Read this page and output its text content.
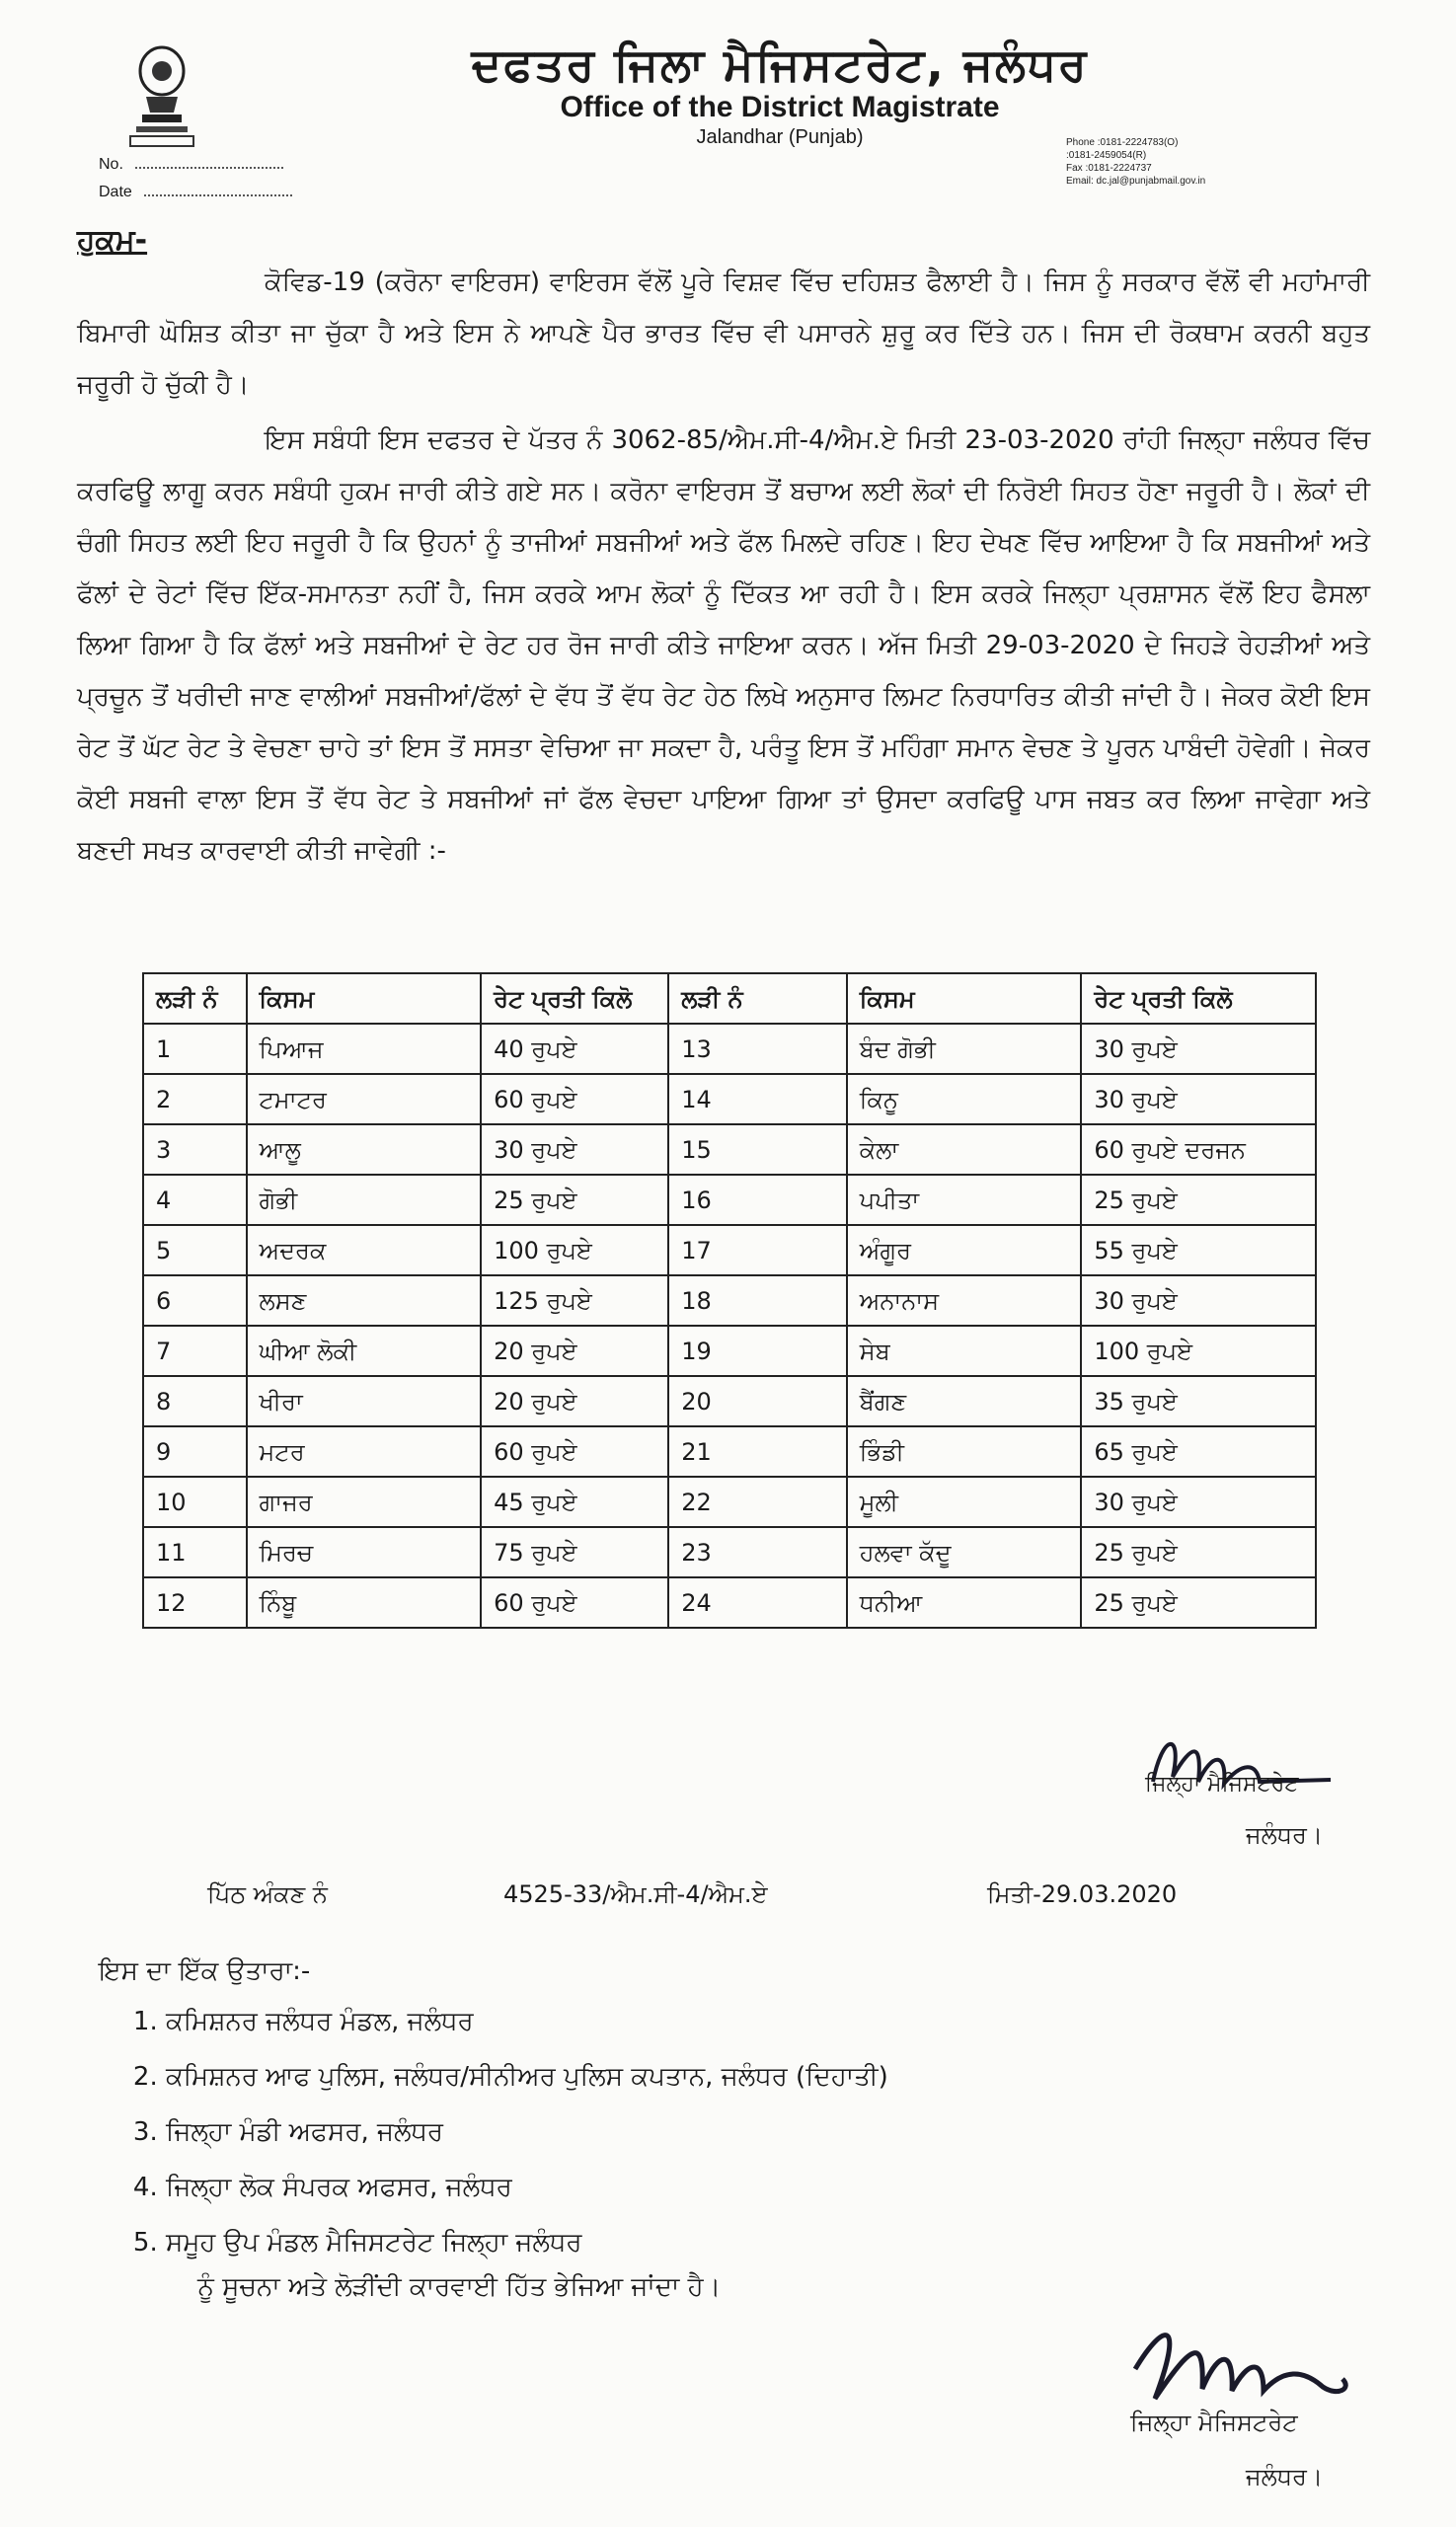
ਦਫਤਰ ਜਿਲਾ ਮੈਜਿਸਟਰੇਟ, ਜਲੰਧਰ
Office of the District Magistrate
Jalandhar (Punjab)	Phone :0181-2224783(O)
:0181-2459054(R)
Fax :0181-2224737
Email: dc.jal@punjabmail.gov.in
No.
Date
ਹੁਕਮ-
ਕੋਵਿਡ-19 (ਕਰੋਨਾ ਵਾਇਰਸ) ਵਾਇਰਸ ਵੱਲੋਂ ਪੂਰੇ ਵਿਸ਼ਵ ਵਿੱਚ ਦਹਿਸ਼ਤ ਫੈਲਾਈ ਹੈ। ਜਿਸ ਨੂੰ ਸਰਕਾਰ ਵੱਲੋਂ ਵੀ ਮਹਾਂਮਾਰੀ ਬਿਮਾਰੀ ਘੋਸ਼ਿਤ ਕੀਤਾ ਜਾ ਚੁੱਕਾ ਹੈ ਅਤੇ ਇਸ ਨੇ ਆਪਣੇ ਪੈਰ ਭਾਰਤ ਵਿੱਚ ਵੀ ਪਸਾਰਨੇ ਸ਼ੁਰੂ ਕਰ ਦਿੱਤੇ ਹਨ। ਜਿਸ ਦੀ ਰੋਕਥਾਮ ਕਰਨੀ ਬਹੁਤ ਜਰੂਰੀ ਹੋ ਚੁੱਕੀ ਹੈ।
ਇਸ ਸਬੰਧੀ ਇਸ ਦਫਤਰ ਦੇ ਪੱਤਰ ਨੰ 3062-85/ਐਮ.ਸੀ-4/ਐਮ.ਏ ਮਿਤੀ 23-03-2020 ਰਾਂਹੀ ਜਿਲ੍ਹਾ ਜਲੰਧਰ ਵਿੱਚ ਕਰਫਿਊ ਲਾਗੂ ਕਰਨ ਸਬੰਧੀ ਹੁਕਮ ਜਾਰੀ ਕੀਤੇ ਗਏ ਸਨ। ਕਰੋਨਾ ਵਾਇਰਸ ਤੋਂ ਬਚਾਅ ਲਈ ਲੋਕਾਂ ਦੀ ਨਿਰੋਈ ਸਿਹਤ ਹੋਣਾ ਜਰੂਰੀ ਹੈ। ਲੋਕਾਂ ਦੀ ਚੰਗੀ ਸਿਹਤ ਲਈ ਇਹ ਜਰੂਰੀ ਹੈ ਕਿ ਉਹਨਾਂ ਨੂੰ ਤਾਜੀਆਂ ਸਬਜੀਆਂ ਅਤੇ ਫੱਲ ਮਿਲਦੇ ਰਹਿਣ। ਇਹ ਦੇਖਣ ਵਿੱਚ ਆਇਆ ਹੈ ਕਿ ਸਬਜੀਆਂ ਅਤੇ ਫੱਲਾਂ ਦੇ ਰੇਟਾਂ ਵਿੱਚ ਇੱਕ-ਸਮਾਨਤਾ ਨਹੀਂ ਹੈ, ਜਿਸ ਕਰਕੇ ਆਮ ਲੋਕਾਂ ਨੂੰ ਦਿੱਕਤ ਆ ਰਹੀ ਹੈ। ਇਸ ਕਰਕੇ ਜਿਲ੍ਹਾ ਪ੍ਰਸ਼ਾਸਨ ਵੱਲੋਂ ਇਹ ਫੈਸਲਾ ਲਿਆ ਗਿਆ ਹੈ ਕਿ ਫੱਲਾਂ ਅਤੇ ਸਬਜੀਆਂ ਦੇ ਰੇਟ ਹਰ ਰੋਜ ਜਾਰੀ ਕੀਤੇ ਜਾਇਆ ਕਰਨ। ਅੱਜ ਮਿਤੀ 29-03-2020 ਦੇ ਜਿਹੜੇ ਰੇਹੜੀਆਂ ਅਤੇ ਪ੍ਰਚੂਨ ਤੋਂ ਖਰੀਦੀ ਜਾਣ ਵਾਲੀਆਂ ਸਬਜੀਆਂ/ਫੱਲਾਂ ਦੇ ਵੱਧ ਤੋਂ ਵੱਧ ਰੇਟ ਹੇਠ ਲਿਖੇ ਅਨੁਸਾਰ ਲਿਮਟ ਨਿਰਧਾਰਿਤ ਕੀਤੀ ਜਾਂਦੀ ਹੈ। ਜੇਕਰ ਕੋਈ ਇਸ ਰੇਟ ਤੋਂ ਘੱਟ ਰੇਟ ਤੇ ਵੇਚਣਾ ਚਾਹੇ ਤਾਂ ਇਸ ਤੋਂ ਸਸਤਾ ਵੇਚਿਆ ਜਾ ਸਕਦਾ ਹੈ, ਪਰੰਤੂ ਇਸ ਤੋਂ ਮਹਿੰਗਾ ਸਮਾਨ ਵੇਚਣ ਤੇ ਪੂਰਨ ਪਾਬੰਦੀ ਹੋਵੇਗੀ। ਜੇਕਰ ਕੋਈ ਸਬਜੀ ਵਾਲਾ ਇਸ ਤੋਂ ਵੱਧ ਰੇਟ ਤੇ ਸਬਜੀਆਂ ਜਾਂ ਫੱਲ ਵੇਚਦਾ ਪਾਇਆ ਗਿਆ ਤਾਂ ਉਸਦਾ ਕਰਫਿਊ ਪਾਸ ਜਬਤ ਕਰ ਲਿਆ ਜਾਵੇਗਾ ਅਤੇ ਬਣਦੀ ਸਖਤ ਕਾਰਵਾਈ ਕੀਤੀ ਜਾਵੇਗੀ :-
ਲੜੀ ਨੰ	ਕਿਸਮ	ਰੇਟ ਪ੍ਰਤੀ ਕਿਲੋ	ਲੜੀ ਨੰ	ਕਿਸਮ	ਰੇਟ ਪ੍ਰਤੀ ਕਿਲੋ
1	ਪਿਆਜ	40 ਰੁਪਏ	13	ਬੰਦ ਗੋਭੀ	30 ਰੁਪਏ
2	ਟਮਾਟਰ	60 ਰੁਪਏ	14	ਕਿਨੂ	30 ਰੁਪਏ
3	ਆਲੂ	30 ਰੁਪਏ	15	ਕੇਲਾ	60 ਰੁਪਏ ਦਰਜਨ
4	ਗੋਭੀ	25 ਰੁਪਏ	16	ਪਪੀਤਾ	25 ਰੁਪਏ
5	ਅਦਰਕ	100 ਰੁਪਏ	17	ਅੰਗੂਰ	55 ਰੁਪਏ
6	ਲਸਣ	125 ਰੁਪਏ	18	ਅਨਾਨਾਸ	30 ਰੁਪਏ
7	ਘੀਆ ਲੋਕੀ	20 ਰੁਪਏ	19	ਸੇਬ	100 ਰੁਪਏ
8	ਖੀਰਾ	20 ਰੁਪਏ	20	ਬੈਂਗਣ	35 ਰੁਪਏ
9	ਮਟਰ	60 ਰੁਪਏ	21	ਭਿੰਡੀ	65 ਰੁਪਏ
10	ਗਾਜਰ	45 ਰੁਪਏ	22	ਮੂਲੀ	30 ਰੁਪਏ
11	ਮਿਰਚ	75 ਰੁਪਏ	23	ਹਲਵਾ ਕੱਦੂ	25 ਰੁਪਏ
12	ਨਿੰਬੂ	60 ਰੁਪਏ	24	ਧਨੀਆ	25 ਰੁਪਏ
ਜਿਲ੍ਹਾ ਮੈਜਿਸਟਰੇਟ
ਜਲੰਧਰ।
ਪਿੱਠ ਅੰਕਣ ਨੰ	4525-33/ਐਮ.ਸੀ-4/ਐਮ.ਏ	ਮਿਤੀ-29.03.2020
ਇਸ ਦਾ ਇੱਕ ਉਤਾਰਾ:-
1. ਕਮਿਸ਼ਨਰ ਜਲੰਧਰ ਮੰਡਲ, ਜਲੰਧਰ
2. ਕਮਿਸ਼ਨਰ ਆਫ ਪੁਲਿਸ, ਜਲੰਧਰ/ਸੀਨੀਅਰ ਪੁਲਿਸ ਕਪਤਾਨ, ਜਲੰਧਰ (ਦਿਹਾਤੀ)
3. ਜਿਲ੍ਹਾ ਮੰਡੀ ਅਫਸਰ, ਜਲੰਧਰ
4. ਜਿਲ੍ਹਾ ਲੋਕ ਸੰਪਰਕ ਅਫਸਰ, ਜਲੰਧਰ
5. ਸਮੂਹ ਉਪ ਮੰਡਲ ਮੈਜਿਸਟਰੇਟ ਜਿਲ੍ਹਾ ਜਲੰਧਰ
ਨੂੰ ਸੂਚਨਾ ਅਤੇ ਲੋੜੀਂਦੀ ਕਾਰਵਾਈ ਹਿੱਤ ਭੇਜਿਆ ਜਾਂਦਾ ਹੈ।
ਜਿਲ੍ਹਾ ਮੈਜਿਸਟਰੇਟ
ਜਲੰਧਰ।
